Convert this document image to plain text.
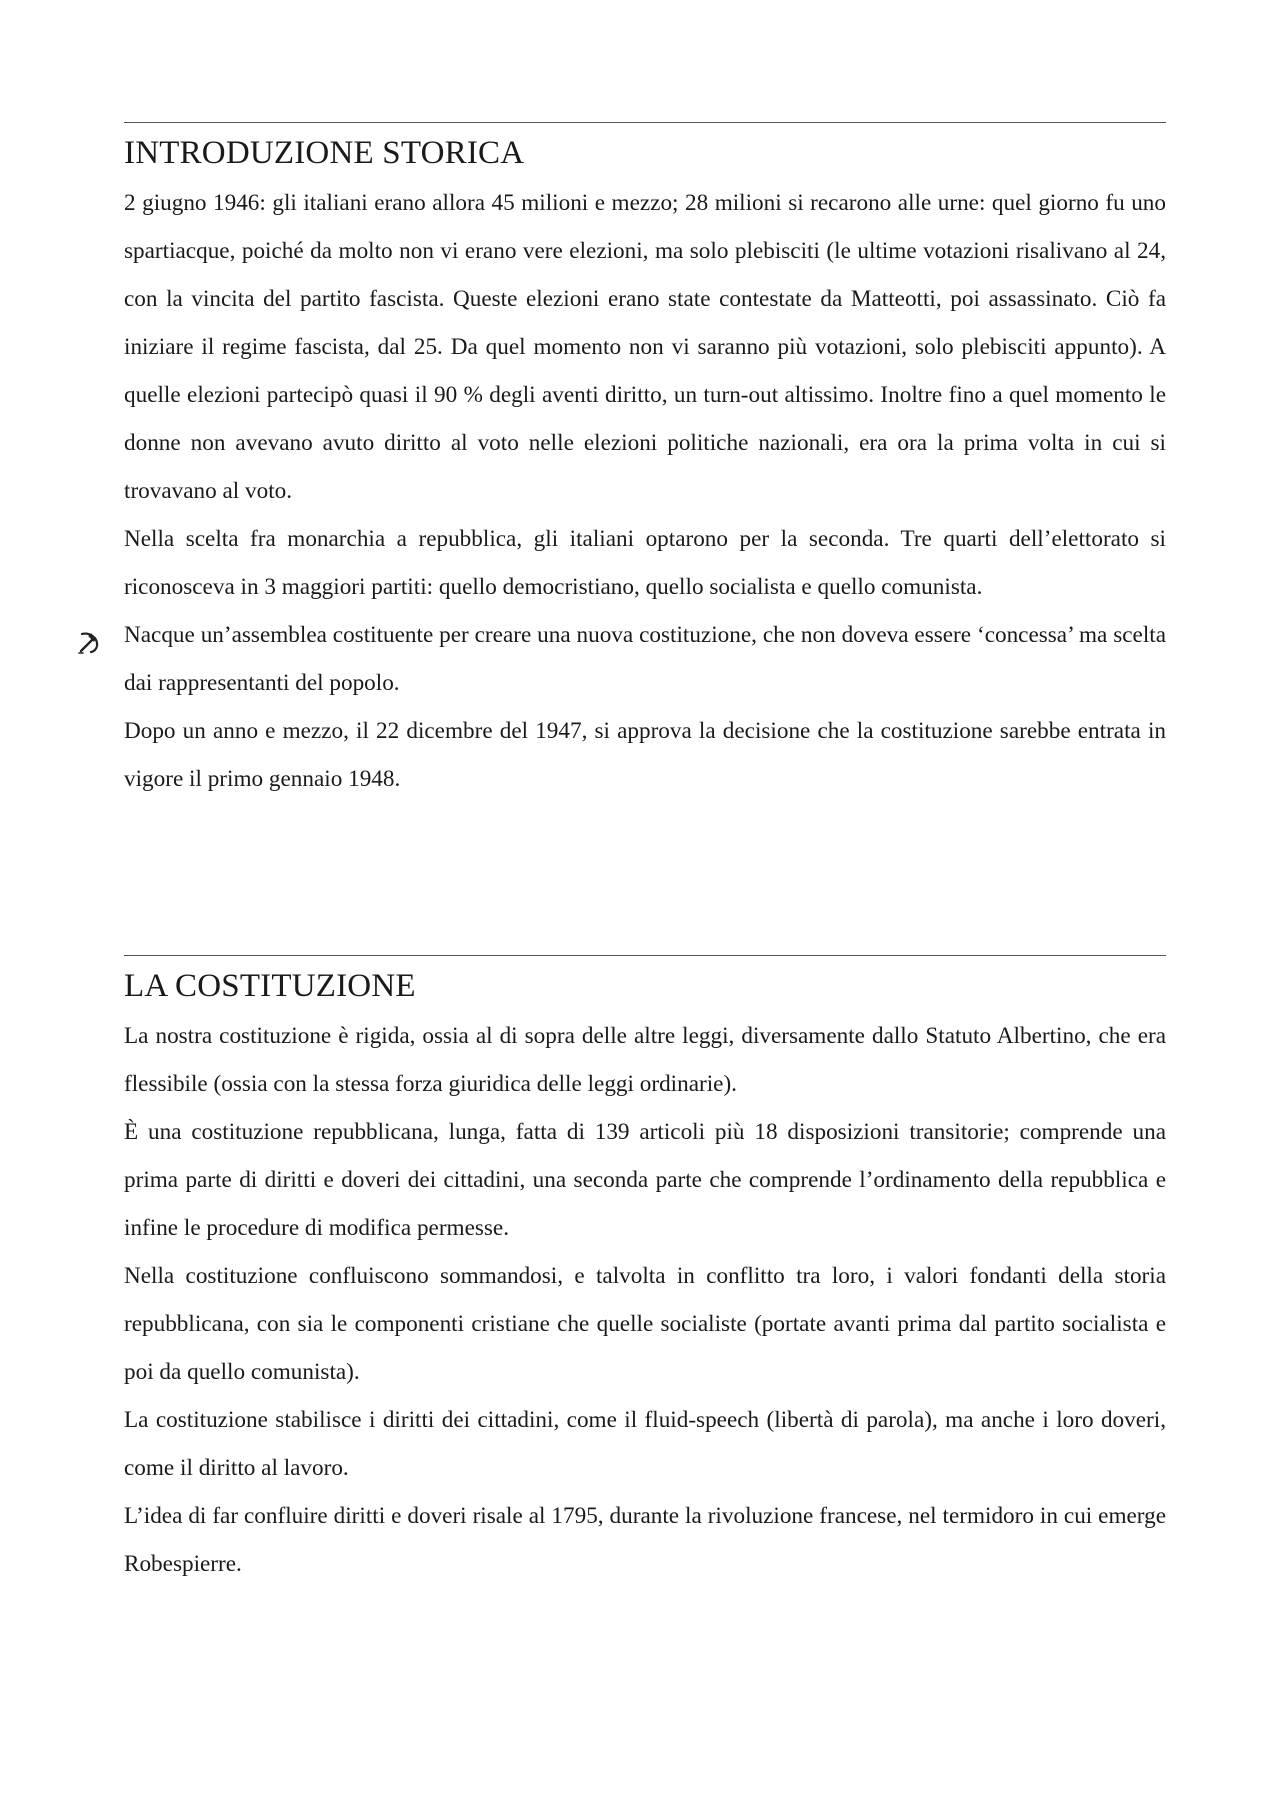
INTRODUZIONE STORICA

2 giugno 1946: gli italiani erano allora 45 milioni e mezzo; 28 milioni si recarono alle urne: quel giorno fu uno spartiacque, poiché da molto non vi erano vere elezioni, ma solo plebisciti (le ultime votazioni risalivano al 24, con la vincita del partito fascista. Queste elezioni erano state contestate da Matteotti, poi assassinato. Ciò fa iniziare il regime fascista, dal 25. Da quel momento non vi saranno più votazioni, solo plebisciti appunto). A quelle elezioni partecipò quasi il 90 % degli aventi diritto, un turn-out altissimo. Inoltre fino a quel momento le donne non avevano avuto diritto al voto nelle elezioni politiche nazionali, era ora la prima volta in cui si trovavano al voto.

Nella scelta fra monarchia a repubblica, gli italiani optarono per la seconda. Tre quarti dell’elettorato si riconosceva in 3 maggiori partiti: quello democristiano, quello socialista e quello comunista.

Nacque un’assemblea costituente per creare una nuova costituzione, che non doveva essere ‘concessa’ ma scelta dai rappresentanti del popolo.

Dopo un anno e mezzo, il 22 dicembre del 1947, si approva la decisione che la costituzione sarebbe entrata in vigore il primo gennaio 1948.

LA COSTITUZIONE

La nostra costituzione è rigida, ossia al di sopra delle altre leggi, diversamente dallo Statuto Albertino, che era flessibile (ossia con la stessa forza giuridica delle leggi ordinarie).

È una costituzione repubblicana, lunga, fatta di 139 articoli più 18 disposizioni transitorie; comprende una prima parte di diritti e doveri dei cittadini, una seconda parte che comprende l’ordinamento della repubblica e infine le procedure di modifica permesse.

Nella costituzione confluiscono sommandosi, e talvolta in conflitto tra loro, i valori fondanti della storia repubblicana, con sia le componenti cristiane che quelle socialiste (portate avanti prima dal partito socialista e poi da quello comunista).

La costituzione stabilisce i diritti dei cittadini, come il fluid-speech (libertà di parola), ma anche i loro doveri, come il diritto al lavoro.

L’idea di far confluire diritti e doveri risale al 1795, durante la rivoluzione francese, nel termidoro in cui emerge Robespierre.
